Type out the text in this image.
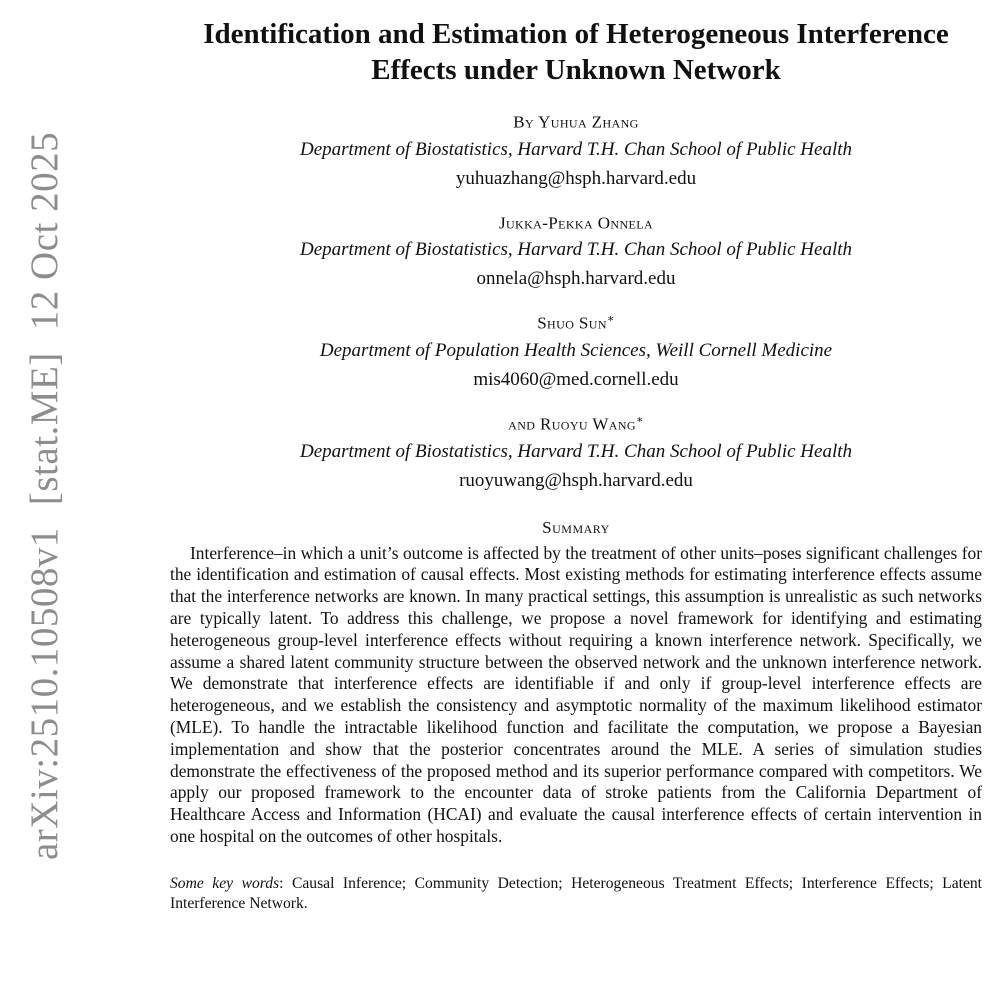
arXiv:2510.10508v1[stat.ME]12 Oct 2025
Identification and Estimation of Heterogeneous Interference
Effects under Unknown Network
By Yuhua Zhang
Department of Biostatistics, Harvard T.H. Chan School of Public Health
yuhuazhang@hsph.harvard.edu
Jukka-Pekka Onnela
Department of Biostatistics, Harvard T.H. Chan School of Public Health
onnela@hsph.harvard.edu
Shuo Sun∗
Department of Population Health Sciences, Weill Cornell Medicine
mis4060@med.cornell.edu
and Ruoyu Wang∗
Department of Biostatistics, Harvard T.H. Chan School of Public Health
ruoyuwang@hsph.harvard.edu
Summary

Interference–in which a unit’s outcome is affected by the treatment of other units–poses significant challenges for the identification and estimation of causal effects. Most existing methods for estimating interference effects assume that the interference networks are known. In many practical settings, this assumption is unrealistic as such networks are typically latent. To address this challenge, we propose a novel framework for identifying and estimating heterogeneous group-level interference effects without requiring a known interference network. Specifically, we assume a shared latent community structure between the observed network and the unknown interference network. We demonstrate that interference effects are identifiable if and only if group-level interference effects are heterogeneous, and we establish the consistency and asymptotic normality of the maximum likelihood estimator (MLE). To handle the intractable likelihood function and facilitate the computation, we propose a Bayesian implementation and show that the posterior concentrates around the MLE. A series of simulation studies demonstrate the effectiveness of the proposed method and its superior performance compared with competitors. We apply our proposed framework to the encounter data of stroke patients from the California Department of Healthcare Access and Information (HCAI) and evaluate the causal interference effects of certain intervention in one hospital on the outcomes of other hospitals.

Some key words: Causal Inference; Community Detection; Heterogeneous Treatment Effects; Interference Effects; Latent Interference Network.
